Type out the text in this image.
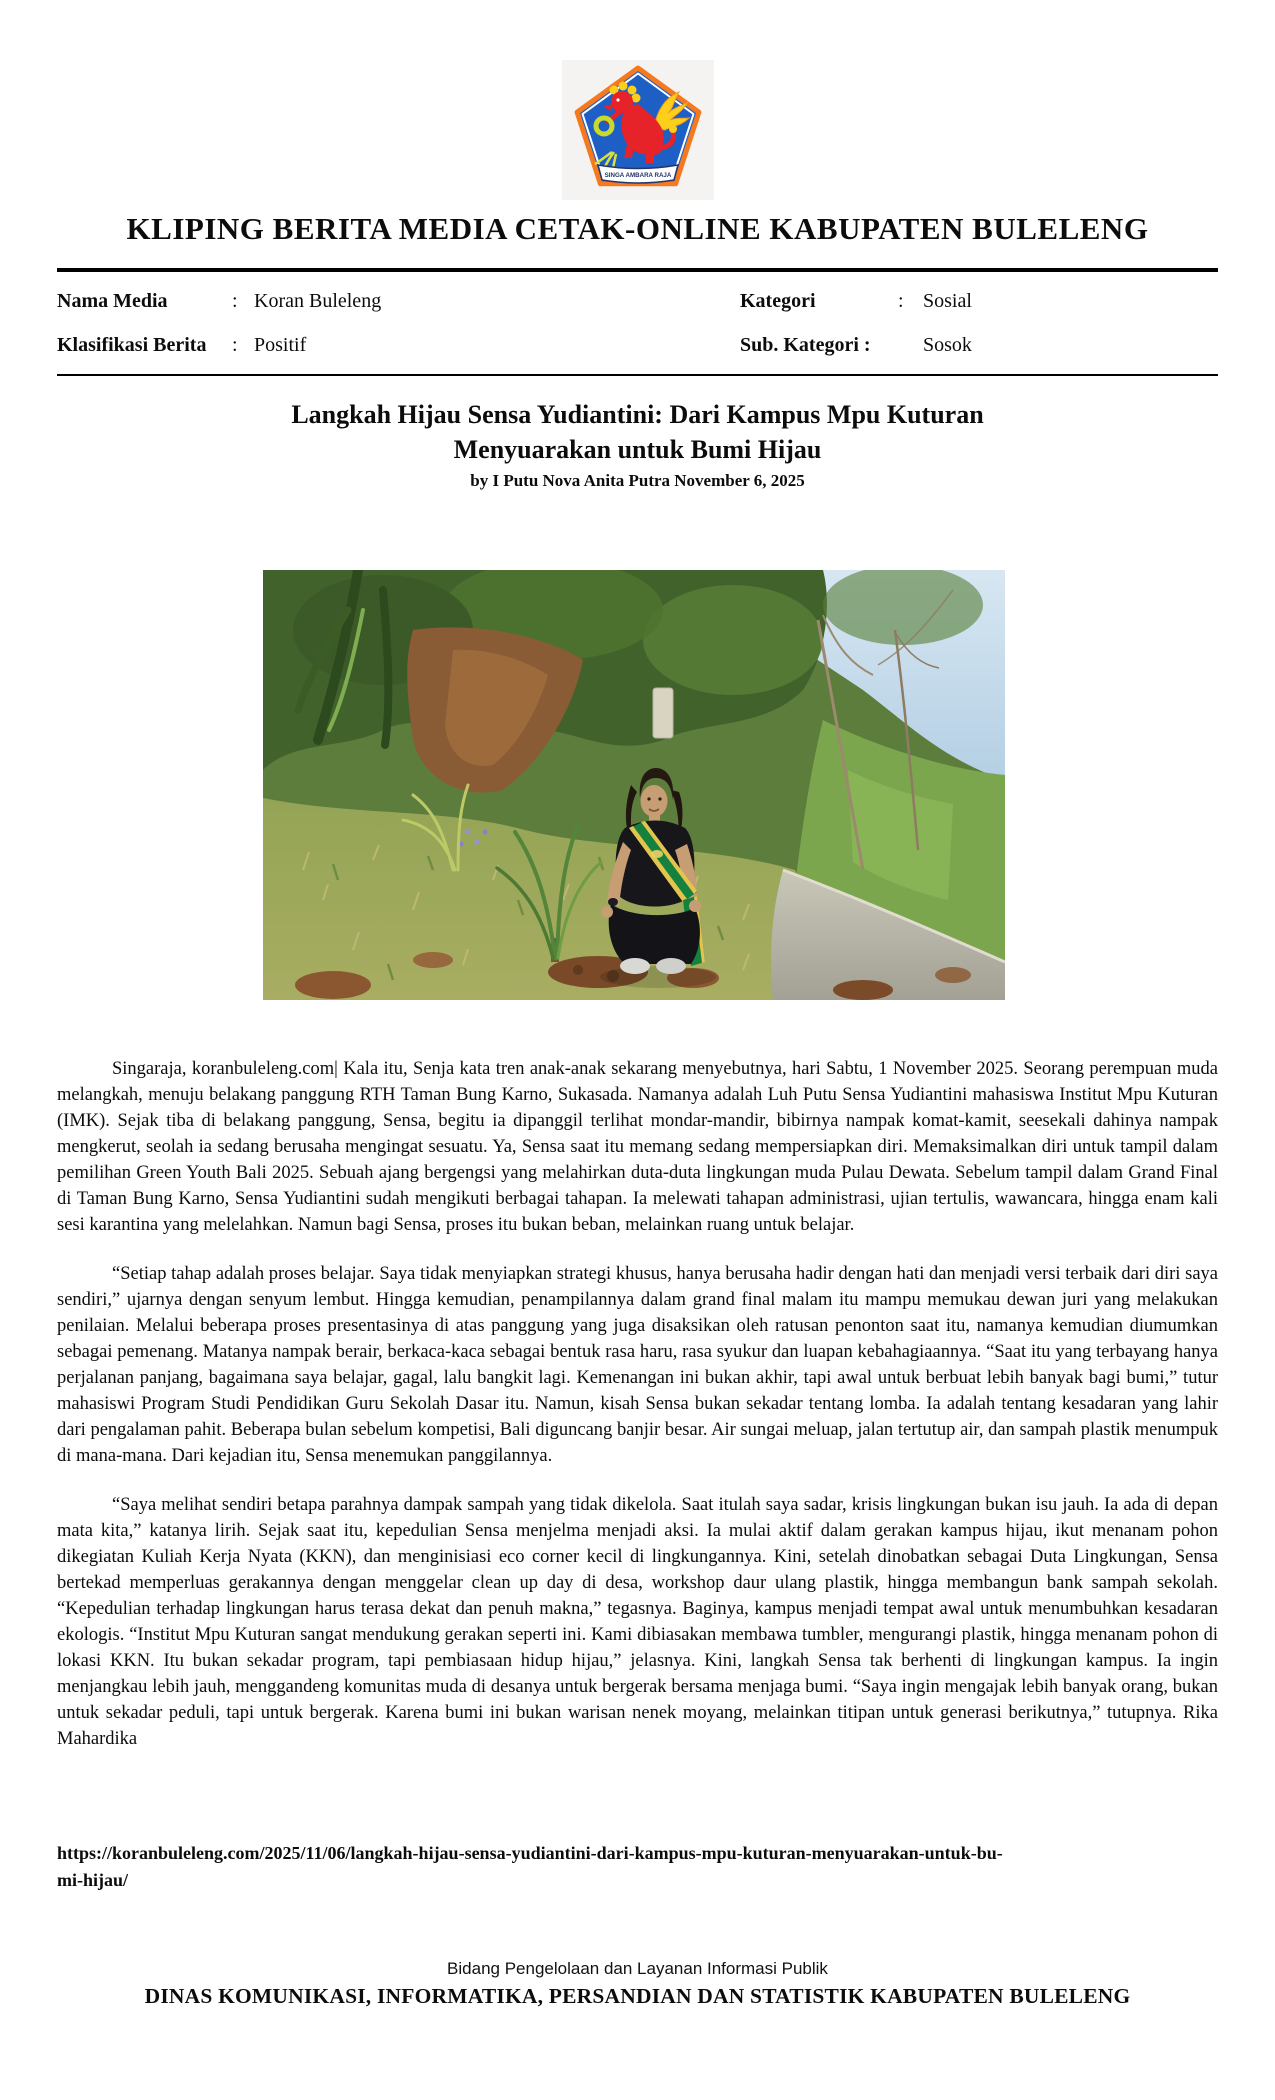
SINGA AMBARA RAJA
KLIPING BERITA MEDIA CETAK-ONLINE KABUPATEN BULELENG
Nama Media	: Koran Buleleng	Kategori	: Sosial
Klasifikasi Berita	: Positif	Sub. Kategori :	Sosok
Langkah Hijau Sensa Yudiantini: Dari Kampus Mpu Kuturan
Menyuarakan untuk Bumi Hijau
by I Putu Nova Anita Putra November 6, 2025

Singaraja, koranbuleleng.com| Kala itu, Senja kata tren anak-anak sekarang menyebutnya, hari Sabtu, 1 November 2025. Seorang perempuan muda melangkah, menuju belakang panggung RTH Taman Bung Karno, Sukasada. Namanya adalah Luh Putu Sensa Yudiantini mahasiswa Institut Mpu Kuturan (IMK). Sejak tiba di belakang panggung, Sensa, begitu ia dipanggil terlihat mondar-mandir, bibirnya nampak komat-kamit, seesekali dahinya nampak mengkerut, seolah ia sedang berusaha mengingat sesuatu. Ya, Sensa saat itu memang sedang mempersiapkan diri. Memaksimalkan diri untuk tampil dalam pemilihan Green Youth Bali 2025. Sebuah ajang bergengsi yang melahirkan duta-duta lingkungan muda Pulau Dewata. Sebelum tampil dalam Grand Final di Taman Bung Karno, Sensa Yudiantini sudah mengikuti berbagai tahapan. Ia melewati tahapan administrasi, ujian tertulis, wawancara, hingga enam kali sesi karantina yang melelahkan. Namun bagi Sensa, proses itu bukan beban, melainkan ruang untuk belajar.

“Setiap tahap adalah proses belajar. Saya tidak menyiapkan strategi khusus, hanya berusaha hadir dengan hati dan menjadi versi terbaik dari diri saya sendiri,” ujarnya dengan senyum lembut. Hingga kemudian, penampilannya dalam grand final malam itu mampu memukau dewan juri yang melakukan penilaian. Melalui beberapa proses presentasinya di atas panggung yang juga disaksikan oleh ratusan penonton saat itu, namanya kemudian diumumkan sebagai pemenang. Matanya nampak berair, berkaca-kaca sebagai bentuk rasa haru, rasa syukur dan luapan kebahagiaannya. “Saat itu yang terbayang hanya perjalanan panjang, bagaimana saya belajar, gagal, lalu bangkit lagi. Kemenangan ini bukan akhir, tapi awal untuk berbuat lebih banyak bagi bumi,” tutur mahasiswi Program Studi Pendidikan Guru Sekolah Dasar itu. Namun, kisah Sensa bukan sekadar tentang lomba. Ia adalah tentang kesadaran yang lahir dari pengalaman pahit. Beberapa bulan sebelum kompetisi, Bali diguncang banjir besar. Air sungai meluap, jalan tertutup air, dan sampah plastik menumpuk di mana-mana. Dari kejadian itu, Sensa menemukan panggilannya.

“Saya melihat sendiri betapa parahnya dampak sampah yang tidak dikelola. Saat itulah saya sadar, krisis lingkungan bukan isu jauh. Ia ada di depan mata kita,” katanya lirih. Sejak saat itu, kepedulian Sensa menjelma menjadi aksi. Ia mulai aktif dalam gerakan kampus hijau, ikut menanam pohon dikegiatan Kuliah Kerja Nyata (KKN), dan menginisiasi eco corner kecil di lingkungannya. Kini, setelah dinobatkan sebagai Duta Lingkungan, Sensa bertekad memperluas gerakannya dengan menggelar clean up day di desa, workshop daur ulang plastik, hingga membangun bank sampah sekolah. “Kepedulian terhadap lingkungan harus terasa dekat dan penuh makna,” tegasnya. Baginya, kampus menjadi tempat awal untuk menumbuhkan kesadaran ekologis. “Institut Mpu Kuturan sangat mendukung gerakan seperti ini. Kami dibiasakan membawa tumbler, mengurangi plastik, hingga menanam pohon di lokasi KKN. Itu bukan sekadar program, tapi pembiasaan hidup hijau,” jelasnya. Kini, langkah Sensa tak berhenti di lingkungan kampus. Ia ingin menjangkau lebih jauh, menggandeng komunitas muda di desanya untuk bergerak bersama menjaga bumi. “Saya ingin mengajak lebih banyak orang, bukan untuk sekadar peduli, tapi untuk bergerak. Karena bumi ini bukan warisan nenek moyang, melainkan titipan untuk generasi berikutnya,” tutupnya. Rika Mahardika

https://koranbuleleng.com/2025/11/06/langkah-hijau-sensa-yudiantini-dari-kampus-mpu-kuturan-menyuarakan-untuk-bu-
mi-hijau/
Bidang Pengelolaan dan Layanan Informasi Publik
DINAS KOMUNIKASI, INFORMATIKA, PERSANDIAN DAN STATISTIK KABUPATEN BULELENG
